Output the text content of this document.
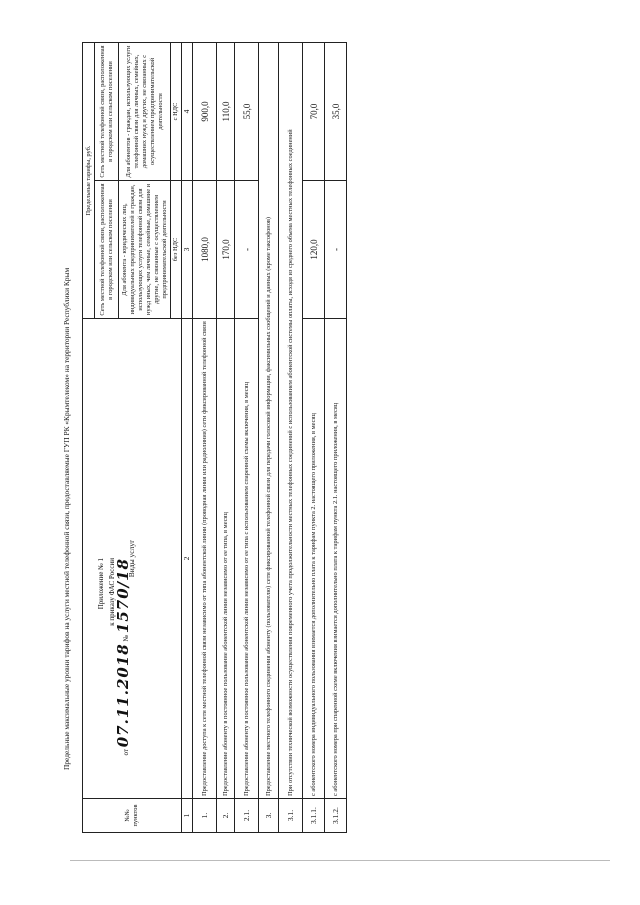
Приложение № 1 к приказу ФАС России
от 07.11.2018 № 1570/18
Предельные максимальные уровни тарифов на услуги местной телефонной связи, предоставляемые ГУП РК «Крымтелеком» на территории Республики Крым
№№ пунктов	Виды услуг	Предельные тарифы, руб.	
		Сеть местной телефонной связи, расположенная в городском или сельском поселении	Сеть местной телефонной связи, расположенная в городском или сельском поселении
		Для абонента - юридических лиц, индивидуальных предпринимателей и граждан, использующих услуги телефонной связи для нужд иных, чем личные, семейные, домашние и другие, не связанные с осуществлением предпринимательской деятельности	Для абонентов - граждан, использующих услуги телефонной связи для личных, семейных, домашних нужд и других, не связанных с осуществлением предпринимательской деятельности
		без НДС	с НДС
1	2	3	4
1.	Предоставление доступа к сети местной телефонной связи независимо от типа абонентской линии (проводная линия или радиолиния) сети фиксированной телефонной связи	1080,0	900,0
2.	Предоставление абоненту в постоянное пользование абонентской линии независимо от ее типа, в месяц	170,0	110,0
2.1.	Предоставление абоненту в постоянное пользование абонентской линии независимо от ее типа с использованием спаренной схемы включения, в месяц	-	55,0
3.	Предоставление местного телефонного соединения абоненту (пользователю) сети фиксированной телефонной связи для передачи голосовой информации, факсимильных сообщений и данных (кроме таксофонов)		
3.1.	При отсутствии технической возможности осуществления повременного учета продолжительности местных телефонных соединений с использованием абонентской системы оплаты, исходя из среднего объема местных телефонных соединений		
3.1.1.	с абонентского номера индивидуального пользования взимается дополнительно плата к тарифам пункта 2. настоящего приложения, в месяц	120,0	70,0
3.1.2.	с абонентского номера при спаренной схеме включения взимается дополнительно плата к тарифам пункта 2.1. настоящего приложения, в месяц	-	35,0
